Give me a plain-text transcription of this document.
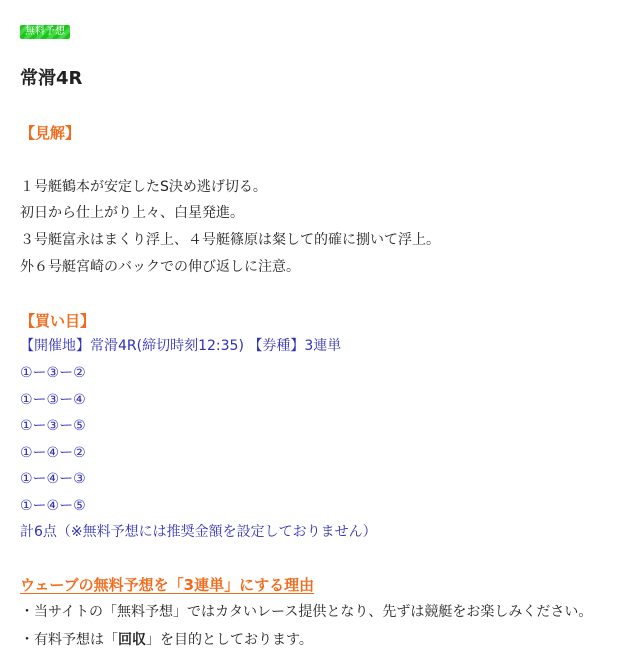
無料予想
常滑4R
【見解】
１号艇鶴本が安定したS決め逃げ切る。
初日から仕上がり上々、白星発進。
３号艇富永はまくり浮上、４号艇篠原は粲して的確に捌いて浮上。
外６号艇宮崎のバックでの伸び返しに注意。
【買い目】
【開催地】常滑4R(締切時刻12:35) 【券種】3連単
①ー③ー②
①ー③ー④
①ー③ー⑤
①ー④ー②
①ー④ー③
①ー④ー⑤
計6点（※無料予想には推奨金額を設定しておりません）
ウェーブの無料予想を「3連単」にする理由
・当サイトの「無料予想」ではカタいレース提供となり、先ずは競艇をお楽しみください。
・有料予想は「回収」を目的としております。
